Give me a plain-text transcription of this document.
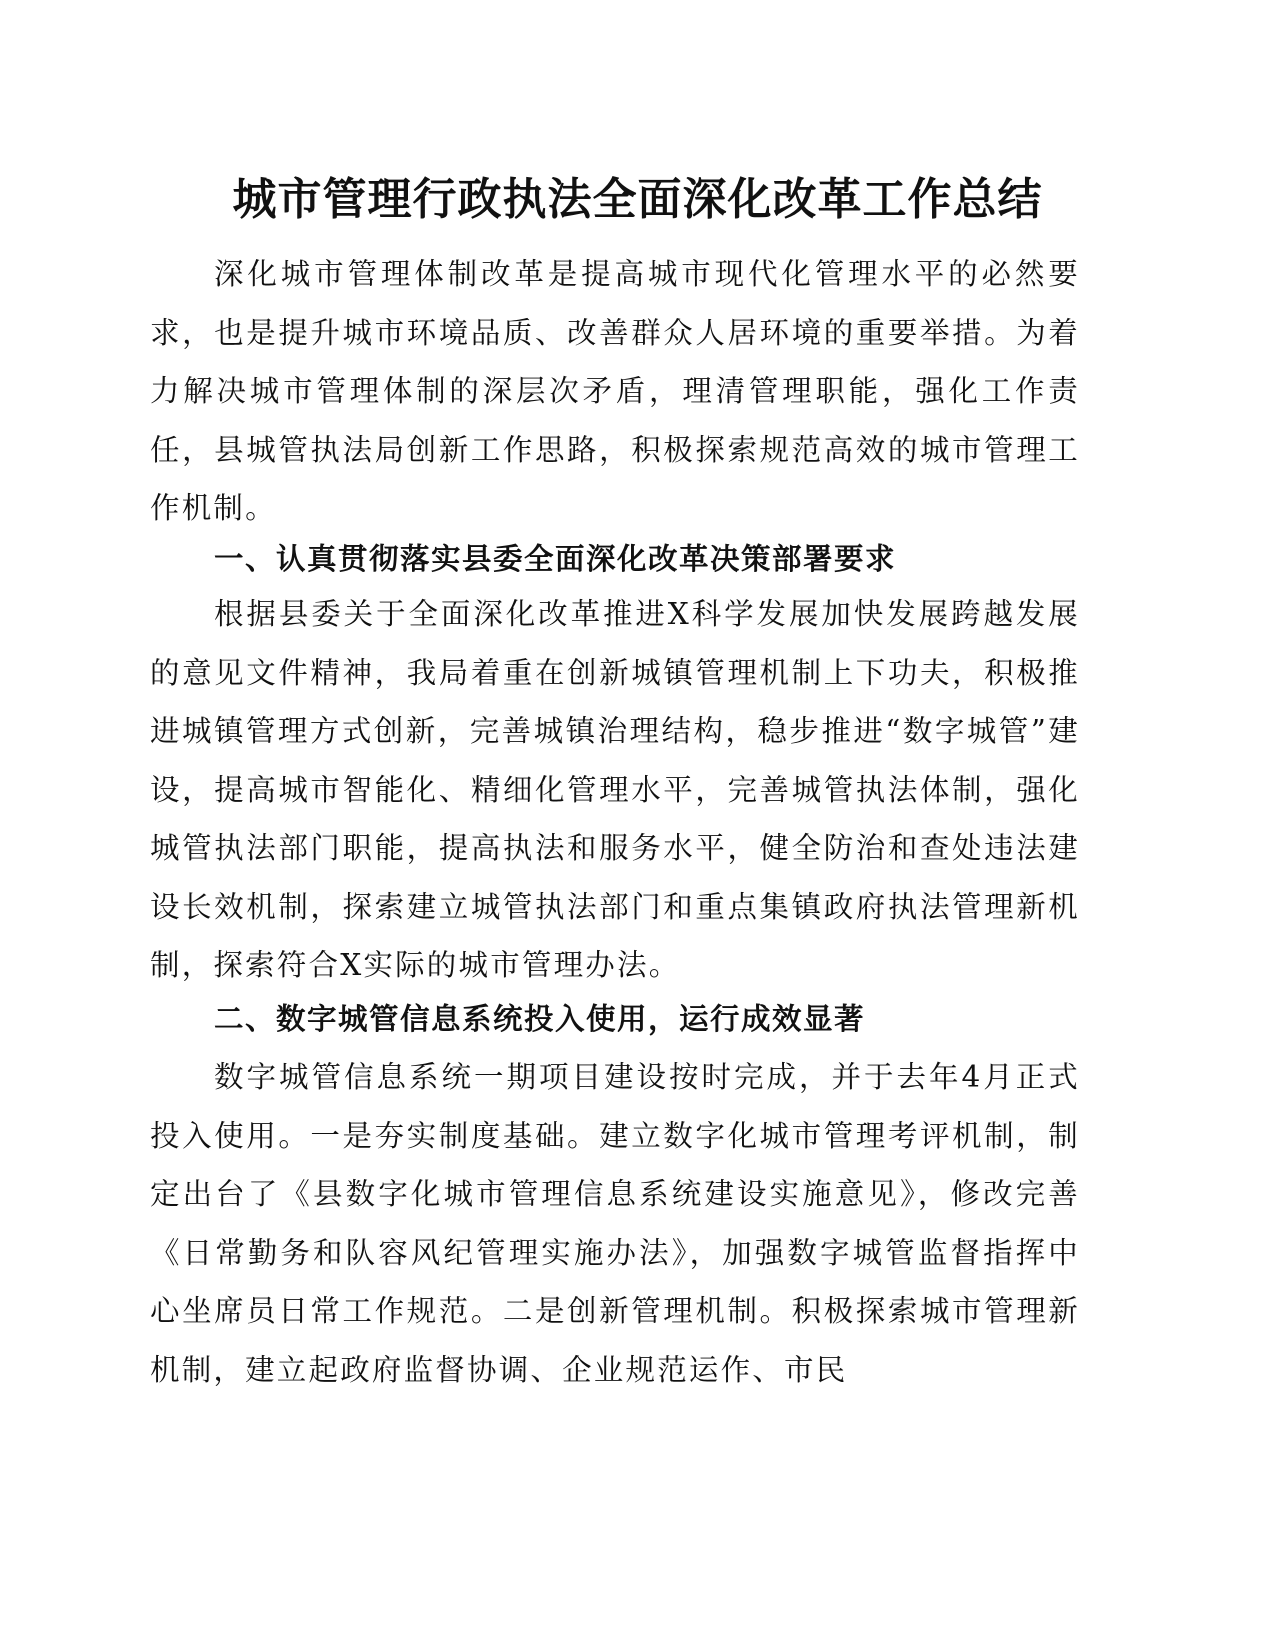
城市管理行政执法全面深化改革工作总结

深化城市管理体制改革是提高城市现代化管理水平的必然要求，也是提升城市环境品质、改善群众人居环境的重要举措。为着力解决城市管理体制的深层次矛盾，理清管理职能，强化工作责任，县城管执法局创新工作思路，积极探索规范高效的城市管理工作机制。

一、认真贯彻落实县委全面深化改革决策部署要求

根据县委关于全面深化改革推进X科学发展加快发展跨越发展的意见文件精神，我局着重在创新城镇管理机制上下功夫，积极推进城镇管理方式创新，完善城镇治理结构，稳步推进“数字城管”建设，提高城市智能化、精细化管理水平，完善城管执法体制，强化城管执法部门职能，提高执法和服务水平，健全防治和查处违法建设长效机制，探索建立城管执法部门和重点集镇政府执法管理新机制，探索符合X实际的城市管理办法。

二、数字城管信息系统投入使用，运行成效显著

数字城管信息系统一期项目建设按时完成，并于去年4月正式投入使用。一是夯实制度基础。建立数字化城市管理考评机制，制定出台了《县数字化城市管理信息系统建设实施意见》，修改完善《日常勤务和队容风纪管理实施办法》，加强数字城管监督指挥中心坐席员日常工作规范。二是创新管理机制。积极探索城市管理新机制，建立起政府监督协调、企业规范运作、市民
